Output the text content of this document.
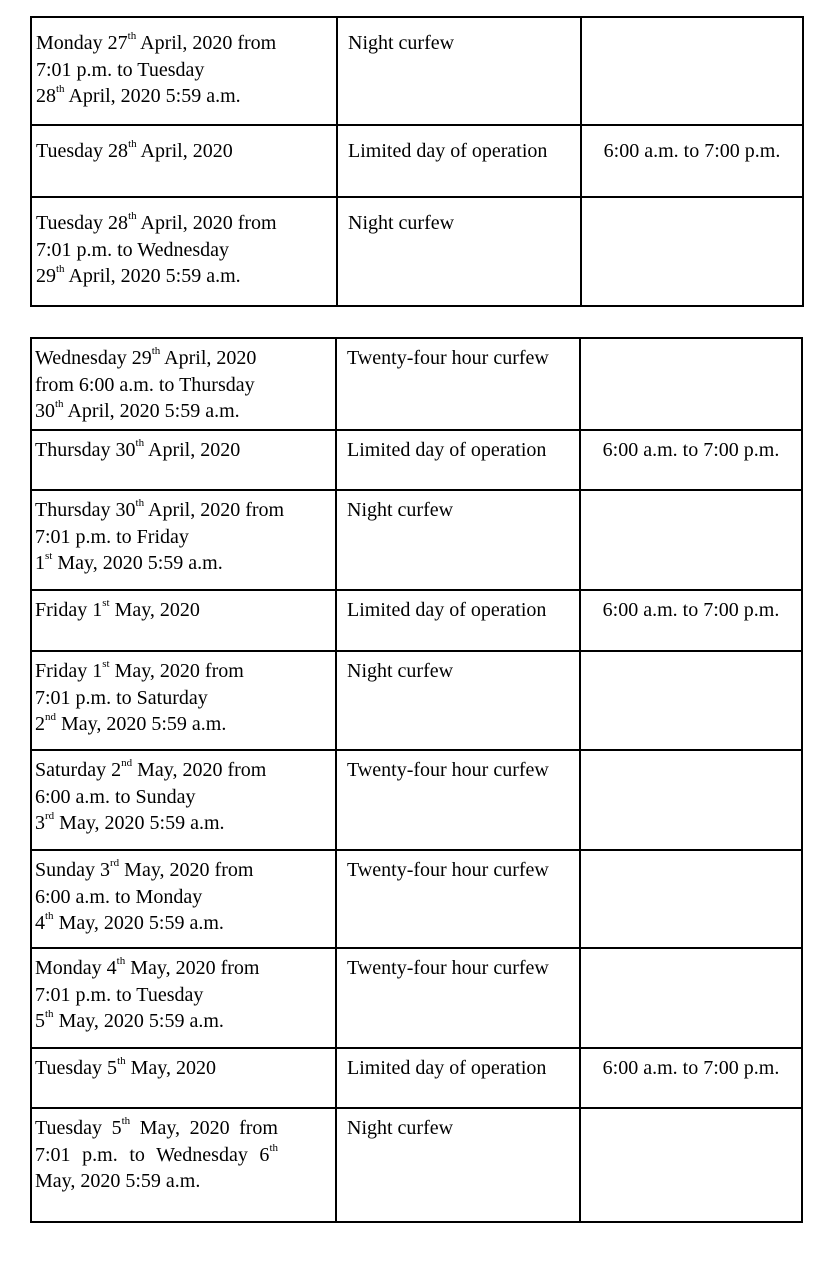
Monday 27th April, 2020 from
7:01 p.m. to Tuesday
28th April, 2020 5:59 a.m.	Night curfew	
Tuesday 28th April, 2020	Limited day of operation	6:00 a.m. to 7:00 p.m.

Tuesday 28th April, 2020 from
7:01 p.m. to Wednesday
29th April, 2020 5:59 a.m.	Night curfew	
Wednesday 29th April, 2020
from 6:00 a.m. to Thursday
30th April, 2020 5:59 a.m.	Twenty-four hour curfew	
Thursday 30th April, 2020	Limited day of operation	6:00 a.m. to 7:00 p.m.
Thursday 30th April, 2020 from
7:01 p.m. to Friday
1st May, 2020 5:59 a.m.	Night curfew	
Friday 1st May, 2020	Limited day of operation	6:00 a.m. to 7:00 p.m.
Friday 1st May, 2020 from
7:01 p.m. to Saturday
2nd May, 2020 5:59 a.m.	Night curfew	
Saturday 2nd May, 2020 from
6:00 a.m. to Sunday
3rd May, 2020 5:59 a.m.	Twenty-four hour curfew	
Sunday 3rd May, 2020 from
6:00 a.m. to Monday
4th May, 2020 5:59 a.m.	Twenty-four hour curfew	
Monday 4th May, 2020 from
7:01 p.m. to Tuesday
5th May, 2020 5:59 a.m.	Twenty-four hour curfew	
Tuesday 5th May, 2020	Limited day of operation	6:00 a.m. to 7:00 p.m.

Tuesday 5th May, 2020 from 7:01 p.m. to Wednesday 6th May, 2020 5:59 a.m.	Night curfew	
